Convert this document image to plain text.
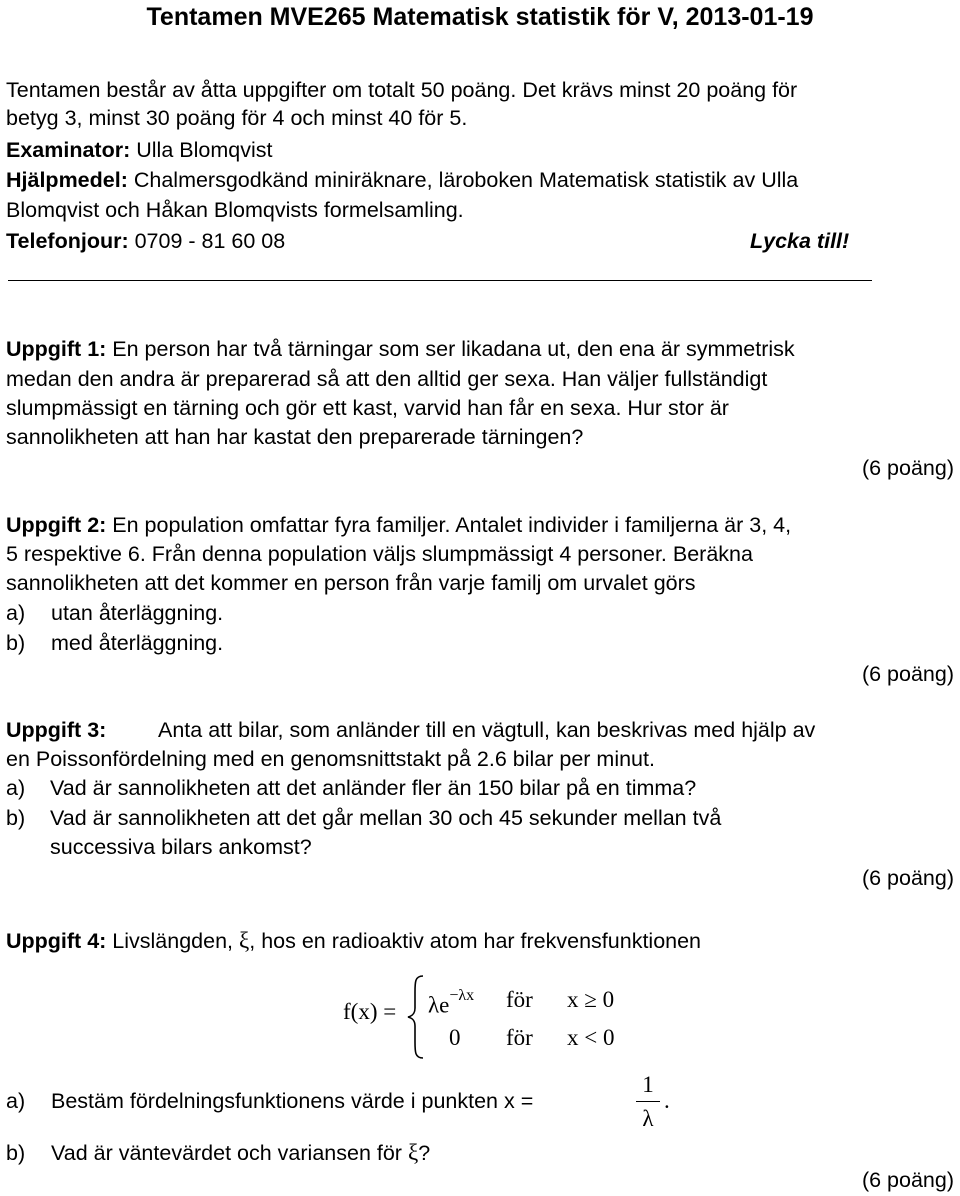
Tentamen MVE265 Matematisk statistik för V, 2013-01-19
Tentamen består av åtta uppgifter om totalt 50 poäng. Det krävs minst 20 poäng för
betyg 3, minst 30 poäng för 4 och minst 40 för 5.
Examinator: Ulla Blomqvist
Hjälpmedel: Chalmersgodkänd miniräknare, läroboken Matematisk statistik av Ulla
Blomqvist och Håkan Blomqvists formelsamling.
Telefonjour: 0709 - 81 60 08	Lycka till!
Uppgift 1: En person har två tärningar som ser likadana ut, den ena är symmetrisk
medan den andra är preparerad så att den alltid ger sexa. Han väljer fullständigt
slumpmässigt en tärning och gör ett kast, varvid han får en sexa. Hur stor är
sannolikheten att han har kastat den preparerade tärningen?
(6 poäng)
Uppgift 2: En population omfattar fyra familjer. Antalet individer i familjerna är 3, 4,
5 respektive 6. Från denna population väljs slumpmässigt 4 personer. Beräkna
sannolikheten att det kommer en person från varje familj om urvalet görs
a) utan återläggning.
b) med återläggning.
(6 poäng)
Uppgift 3: Anta att bilar, som anländer till en vägtull, kan beskrivas med hjälp av
en Poissonfördelning med en genomsnittstakt på 2.6 bilar per minut.
a) Vad är sannolikheten att det anländer fler än 150 bilar på en timma?
b) Vad är sannolikheten att det går mellan 30 och 45 sekunder mellan två
successiva bilars ankomst?
(6 poäng)
Uppgift 4: Livslängden, ξ, hos en radioaktiv atom har frekvensfunktionen
$f(x) = \lambda e^{-\lambda x}$ för x ≥ 0
0 för x < 0
a) Bestäm fördelningsfunktionens värde i punkten x =
1
λ
.
b) Vad är väntevärdet och variansen för ξ?
(6 poäng)
